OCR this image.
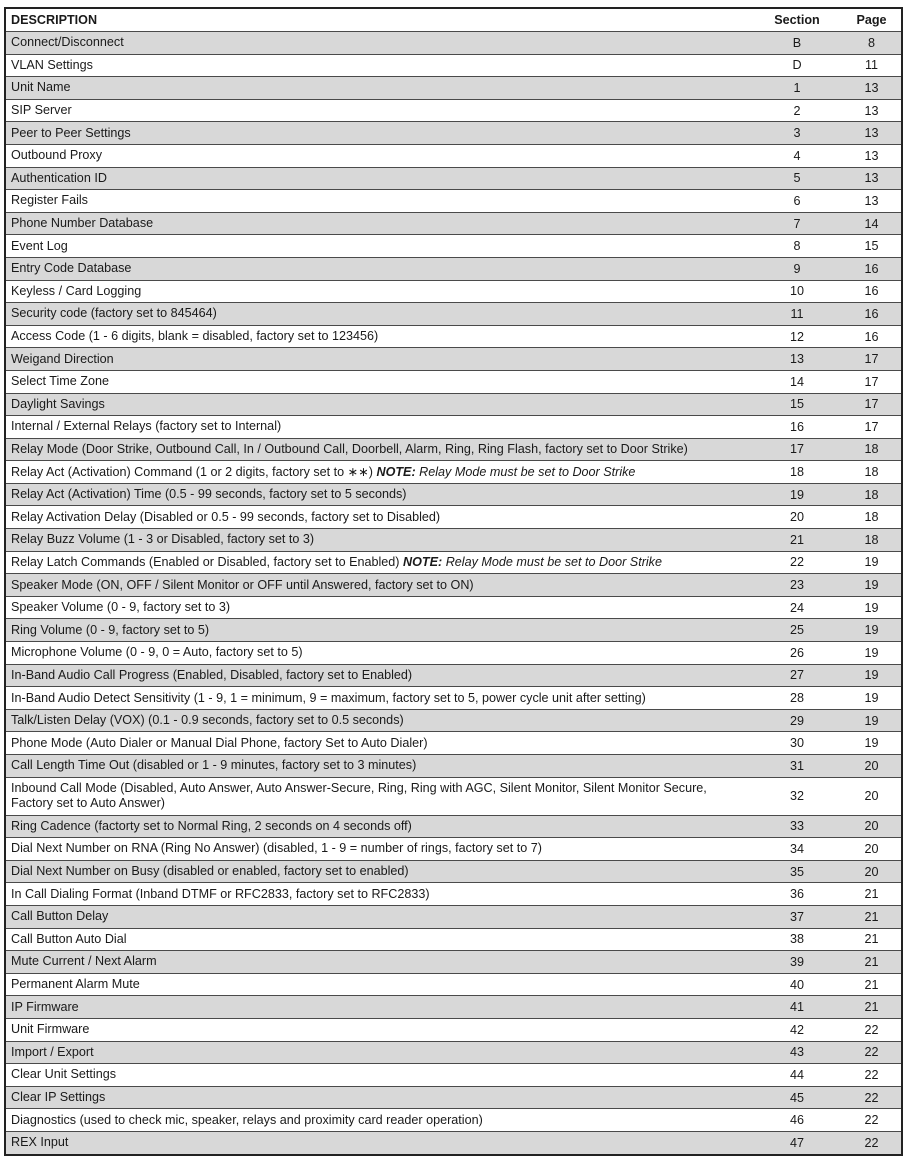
DESCRIPTION	Section	Page
Connect/Disconnect	B	8
VLAN Settings	D	11
Unit Name	1	13
SIP Server	2	13
Peer to Peer Settings	3	13
Outbound Proxy	4	13
Authentication ID	5	13
Register Fails	6	13
Phone Number Database	7	14
Event Log	8	15
Entry Code Database	9	16
Keyless / Card Logging	10	16
Security code (factory set to 845464)	11	16
Access Code (1 - 6 digits, blank = disabled, factory set to 123456)	12	16
Weigand Direction	13	17
Select Time Zone	14	17
Daylight Savings	15	17
Internal / External Relays (factory set to Internal)	16	17
Relay Mode (Door Strike, Outbound Call, In / Outbound Call, Doorbell, Alarm, Ring, Ring Flash, factory set to Door Strike)	17	18
Relay Act (Activation) Command (1 or 2 digits, factory set to ∗∗) NOTE: Relay Mode must be set to Door Strike	18	18
Relay Act (Activation) Time (0.5 - 99 seconds, factory set to 5 seconds)	19	18
Relay Activation Delay (Disabled or 0.5 - 99 seconds, factory set to Disabled)	20	18
Relay Buzz Volume (1 - 3 or Disabled, factory set to 3)	21	18
Relay Latch Commands (Enabled or Disabled, factory set to Enabled) NOTE: Relay Mode must be set to Door Strike	22	19
Speaker Mode (ON, OFF / Silent Monitor or OFF until Answered, factory set to ON)	23	19
Speaker Volume (0 - 9, factory set to 3)	24	19
Ring Volume (0 - 9, factory set to 5)	25	19
Microphone Volume (0 - 9, 0 = Auto, factory set to 5)	26	19
In-Band Audio Call Progress (Enabled, Disabled, factory set to Enabled)	27	19
In-Band Audio Detect Sensitivity (1 - 9, 1 = minimum, 9 = maximum, factory set to 5, power cycle unit after setting)	28	19
Talk/Listen Delay (VOX) (0.1 - 0.9 seconds, factory set to 0.5 seconds)	29	19
Phone Mode (Auto Dialer or Manual Dial Phone, factory Set to Auto Dialer)	30	19
Call Length Time Out (disabled or 1 - 9 minutes, factory set to 3 minutes)	31	20
Inbound Call Mode (Disabled, Auto Answer, Auto Answer-Secure, Ring, Ring with AGC, Silent Monitor, Silent Monitor Secure, Factory set to Auto Answer)	32	20
Ring Cadence (factorty set to Normal Ring, 2 seconds on 4 seconds off)	33	20
Dial Next Number on RNA (Ring No Answer) (disabled, 1 - 9 = number of rings, factory set to 7)	34	20
Dial Next Number on Busy (disabled or enabled, factory set to enabled)	35	20
In Call Dialing Format (Inband DTMF or RFC2833, factory set to RFC2833)	36	21
Call Button Delay	37	21
Call Button Auto Dial	38	21
Mute Current / Next Alarm	39	21
Permanent Alarm Mute	40	21
IP Firmware	41	21
Unit Firmware	42	22
Import / Export	43	22
Clear Unit Settings	44	22
Clear IP Settings	45	22
Diagnostics (used to check mic, speaker, relays and proximity card reader operation)	46	22
REX Input	47	22
